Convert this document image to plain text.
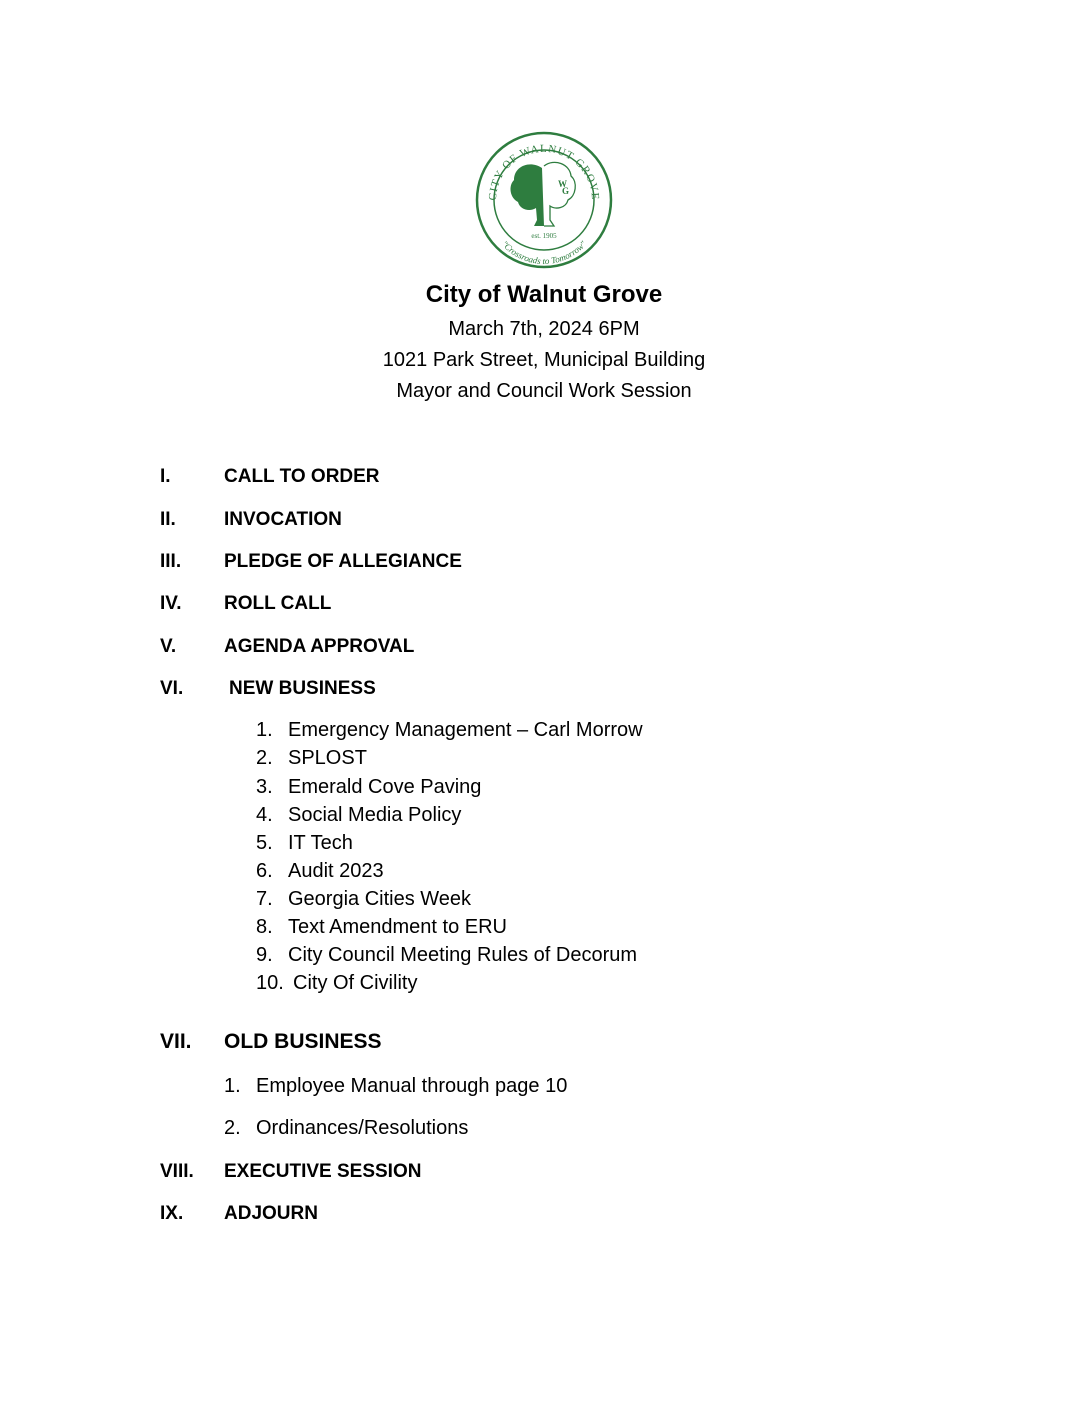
CITY OF WALNUT GROVE
"Crossroads to Tomorrow"
W
G
est. 1905
City of Walnut Grove
March 7th, 2024 6PM
1021 Park Street, Municipal Building
Mayor and Council Work Session
I.	CALL TO ORDER
II.	INVOCATION
III. PLEDGE OF ALLEGIANCE
IV. ROLL CALL
V.	AGENDA APPROVAL
VI. NEW BUSINESS
1. Emergency Management – Carl Morrow
2. SPLOST
3. Emerald Cove Paving
4. Social Media Policy
5. IT Tech
6. Audit 2023
7. Georgia Cities Week
8. Text Amendment to ERU
9. City Council Meeting Rules of Decorum
10. City Of Civility
VII. OLD BUSINESS
1. Employee Manual through page 10
2. Ordinances/Resolutions
VIII. EXECUTIVE SESSION
IX. ADJOURN
